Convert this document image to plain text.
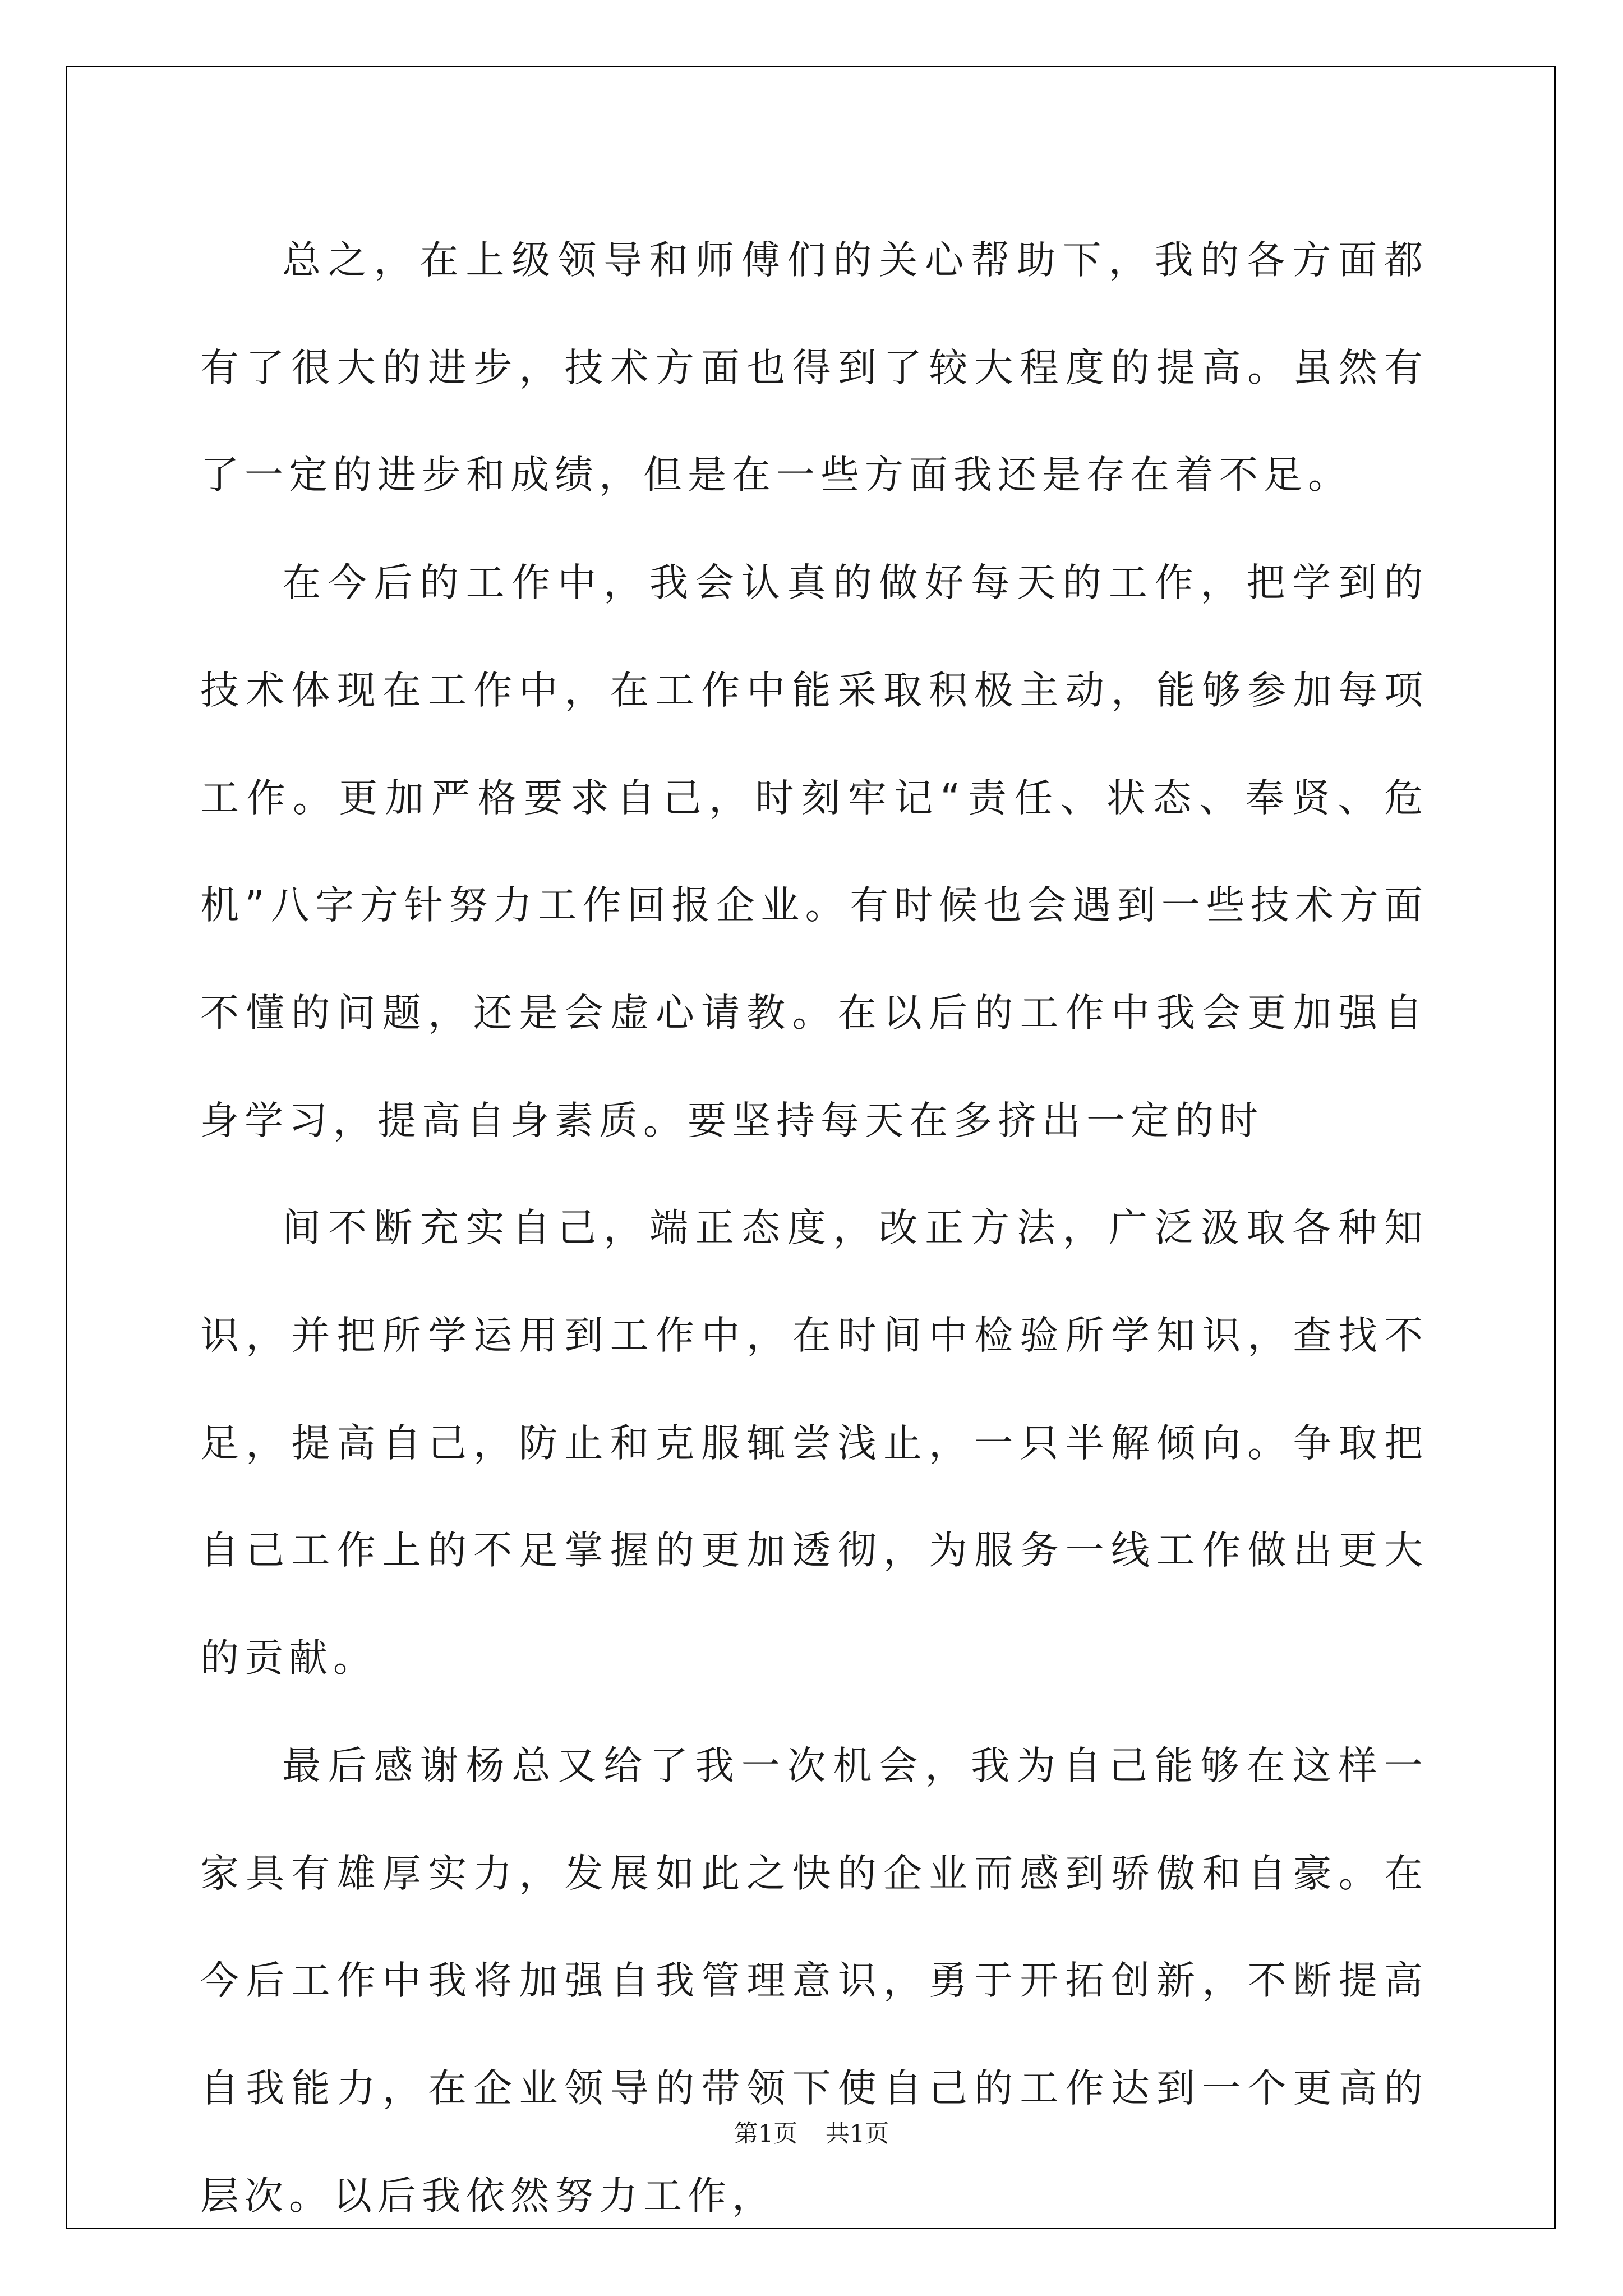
总之，在上级领导和师傅们的关心帮助下，我的各方面都有了很大的进步，技术方面也得到了较大程度的提高。虽然有了一定的进步和成绩，但是在一些方面我还是存在着不足。

在今后的工作中，我会认真的做好每天的工作，把学到的技术体现在工作中，在工作中能采取积极主动，能够参加每项工作。更加严格要求自己，时刻牢记“责任、状态、奉贤、危机”八字方针努力工作回报企业。有时候也会遇到一些技术方面不懂的问题，还是会虚心请教。在以后的工作中我会更加强自身学习，提高自身素质。要坚持每天在多挤出一定的时

间不断充实自己，端正态度，改正方法，广泛汲取各种知识，并把所学运用到工作中，在时间中检验所学知识，查找不足，提高自己，防止和克服辄尝浅止，一只半解倾向。争取把自己工作上的不足掌握的更加透彻，为服务一线工作做出更大的贡献。

最后感谢杨总又给了我一次机会，我为自己能够在这样一家具有雄厚实力，发展如此之快的企业而感到骄傲和自豪。在今后工作中我将加强自我管理意识，勇于开拓创新，不断提高自我能力，在企业领导的带领下使自己的工作达到一个更高的层次。以后我依然努力工作，

第1页 共1页
